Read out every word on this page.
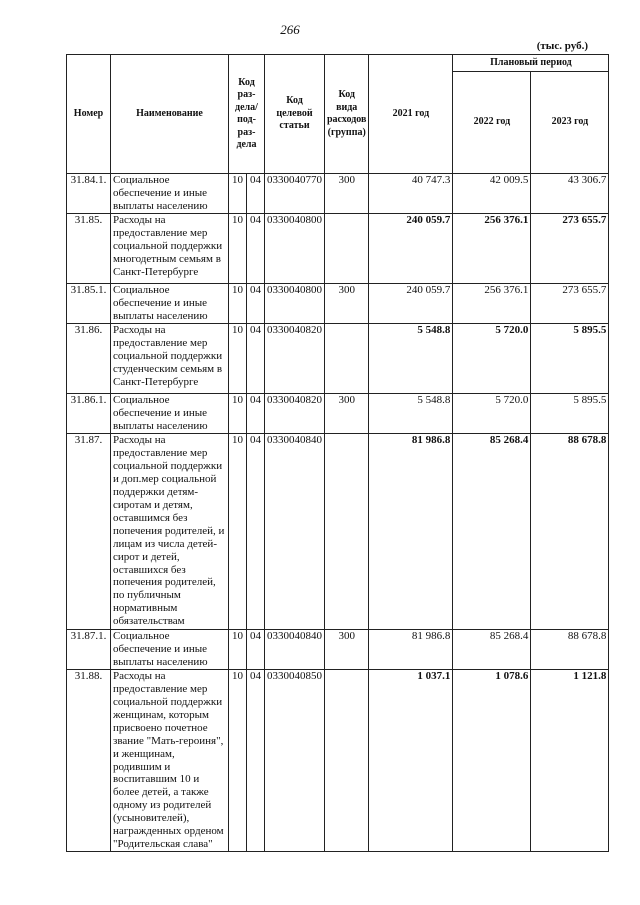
266
(тыс. руб.)
Номер	Наименование	Код раз-дела/ под-раз-дела		Код целевой статьи	Код вида расходов (группа)	2021 год	Плановый период	
							2022 год	2023 год
31.84.1.	Социальное обеспечение и иные выплаты населению	10	04	0330040770	300	40 747.3	42 009.5	43 306.7
31.85.	Расходы на предоставление мер социальной поддержки многодетным семьям в Санкт-Петербурге	10	04	0330040800		240 059.7	256 376.1	273 655.7
31.85.1.	Социальное обеспечение и иные выплаты населению	10	04	0330040800	300	240 059.7	256 376.1	273 655.7
31.86.	Расходы на предоставление мер социальной поддержки студенческим семьям в Санкт-Петербурге	10	04	0330040820		5 548.8	5 720.0	5 895.5
31.86.1.	Социальное обеспечение и иные выплаты населению	10	04	0330040820	300	5 548.8	5 720.0	5 895.5
31.87.	Расходы на предоставление мер социальной поддержки и доп.мер социальной поддержки детям-сиротам и детям, оставшимся без попечения родителей, и лицам из числа детей-сирот и детей, оставшихся без попечения родителей, по публичным нормативным обязательствам	10	04	0330040840		81 986.8	85 268.4	88 678.8
31.87.1.	Социальное обеспечение и иные выплаты населению	10	04	0330040840	300	81 986.8	85 268.4	88 678.8
31.88.	Расходы на предоставление мер социальной поддержки женщинам, которым присвоено почетное звание "Мать-героиня", и женщинам, родившим и воспитавшим 10 и более детей, а также одному из родителей (усыновителей), награжденных орденом "Родительская слава"	10	04	0330040850		1 037.1	1 078.6	1 121.8
